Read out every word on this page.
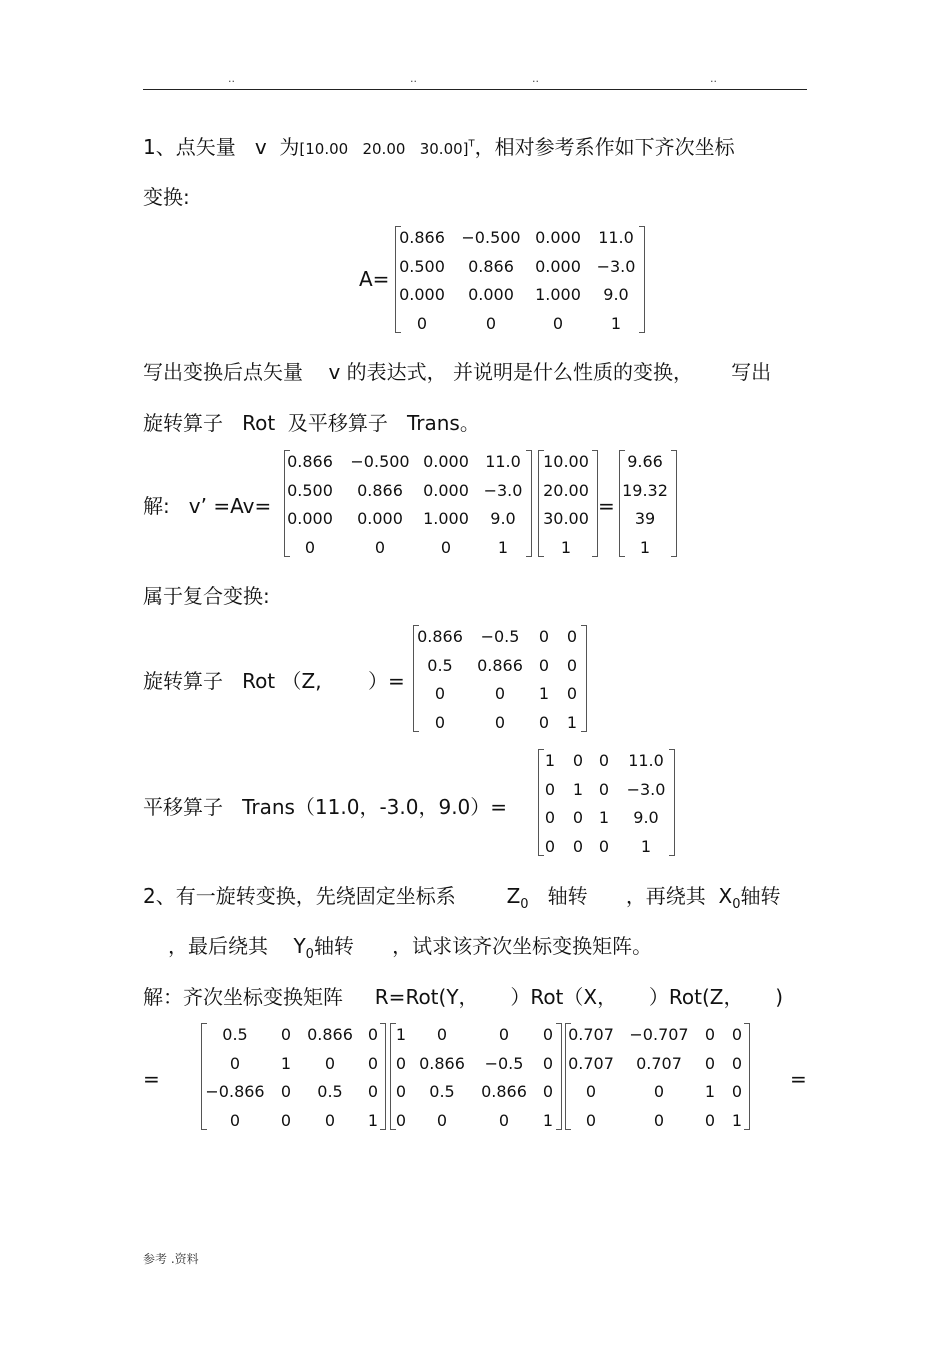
..	..	..	..
1、点矢量 v 为[10.00   20.00   30.00]$^T$，相对参考系作如下齐次坐标
变换:
A=
0.866 −0.500 0.000 11.0
0.500 0.866 0.000 −3.0
0.000 0.000 1.000 9.0
0	0	0	1
写出变换后点矢量 v 的表达式， 并说明是什么性质的变换， 写出
旋转算子 Rot 及平移算子 Trans。
解:   v’ =Av=
0.866 −0.500 0.000 11.0
0.500 0.866 0.000 −3.0
0.000 0.000 1.000 9.0
0	0	0	1
10.00
20.00
30.00
1
=
9.66
19.32
39
1
属于复合变换:
旋转算子   Rot （Z, ）=
0.866 −0.5 0 0
0.5 0.866 0 0
0	0 1 0
0	0 0 1
平移算子   Trans（11.0，-3.0，9.0）=
1 0 0 11.0
0 1 0 −3.0
0 0 1 9.0
0 0 0 1
2、有一旋转变换，先绕固定坐标系	$Z_0$ 轴转 ，再绕其 $X_0$轴转
，最后绕其 $Y_0$轴转 ，试求该齐次坐标变换矩阵。
解：齐次坐标变换矩阵     R=Rot(Y，     ）Rot（X，     ）Rot(Z，     )
=
0.5 0 0.866 0
0	1 0 0
−0.866 0 0.5 0
0	0 0 1
1 0	0 0
0 0.866 −0.5 0
0 0.5 0.866 0
0 0	0 1
0.707 −0.707 0 0
0.707 0.707 0 0
0	0	1 0
0	0	0 1
=
参考 .资料
